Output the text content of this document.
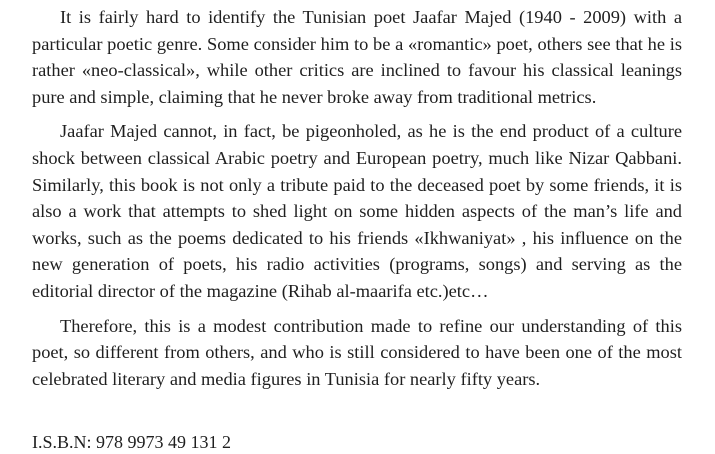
It is fairly hard to identify the Tunisian poet Jaafar Majed (1940 - 2009) with a particular poetic genre. Some consider him to be a «romantic» poet, others see that he is rather «neo-classical», while other critics are inclined to favour his classical leanings pure and simple, claiming that he never broke away from traditional metrics.

Jaafar Majed cannot, in fact, be pigeonholed, as he is the end product of a culture shock between classical Arabic poetry and European poetry, much like Nizar Qabbani. Similarly, this book is not only a tribute paid to the deceased poet by some friends, it is also a work that attempts to shed light on some hidden aspects of the man’s life and works, such as the poems dedicated to his friends «Ikhwaniyat» , his influence on the new generation of poets, his radio activities (programs, songs) and serving as the editorial director of the magazine (Rihab al-maarifa etc.)etc…

Therefore, this is a modest contribution made to refine our understanding of this poet, so different from others, and who is still considered to have been one of the most celebrated literary and media figures in Tunisia for nearly fifty years.

I.S.B.N: 978 9973 49 131 2
